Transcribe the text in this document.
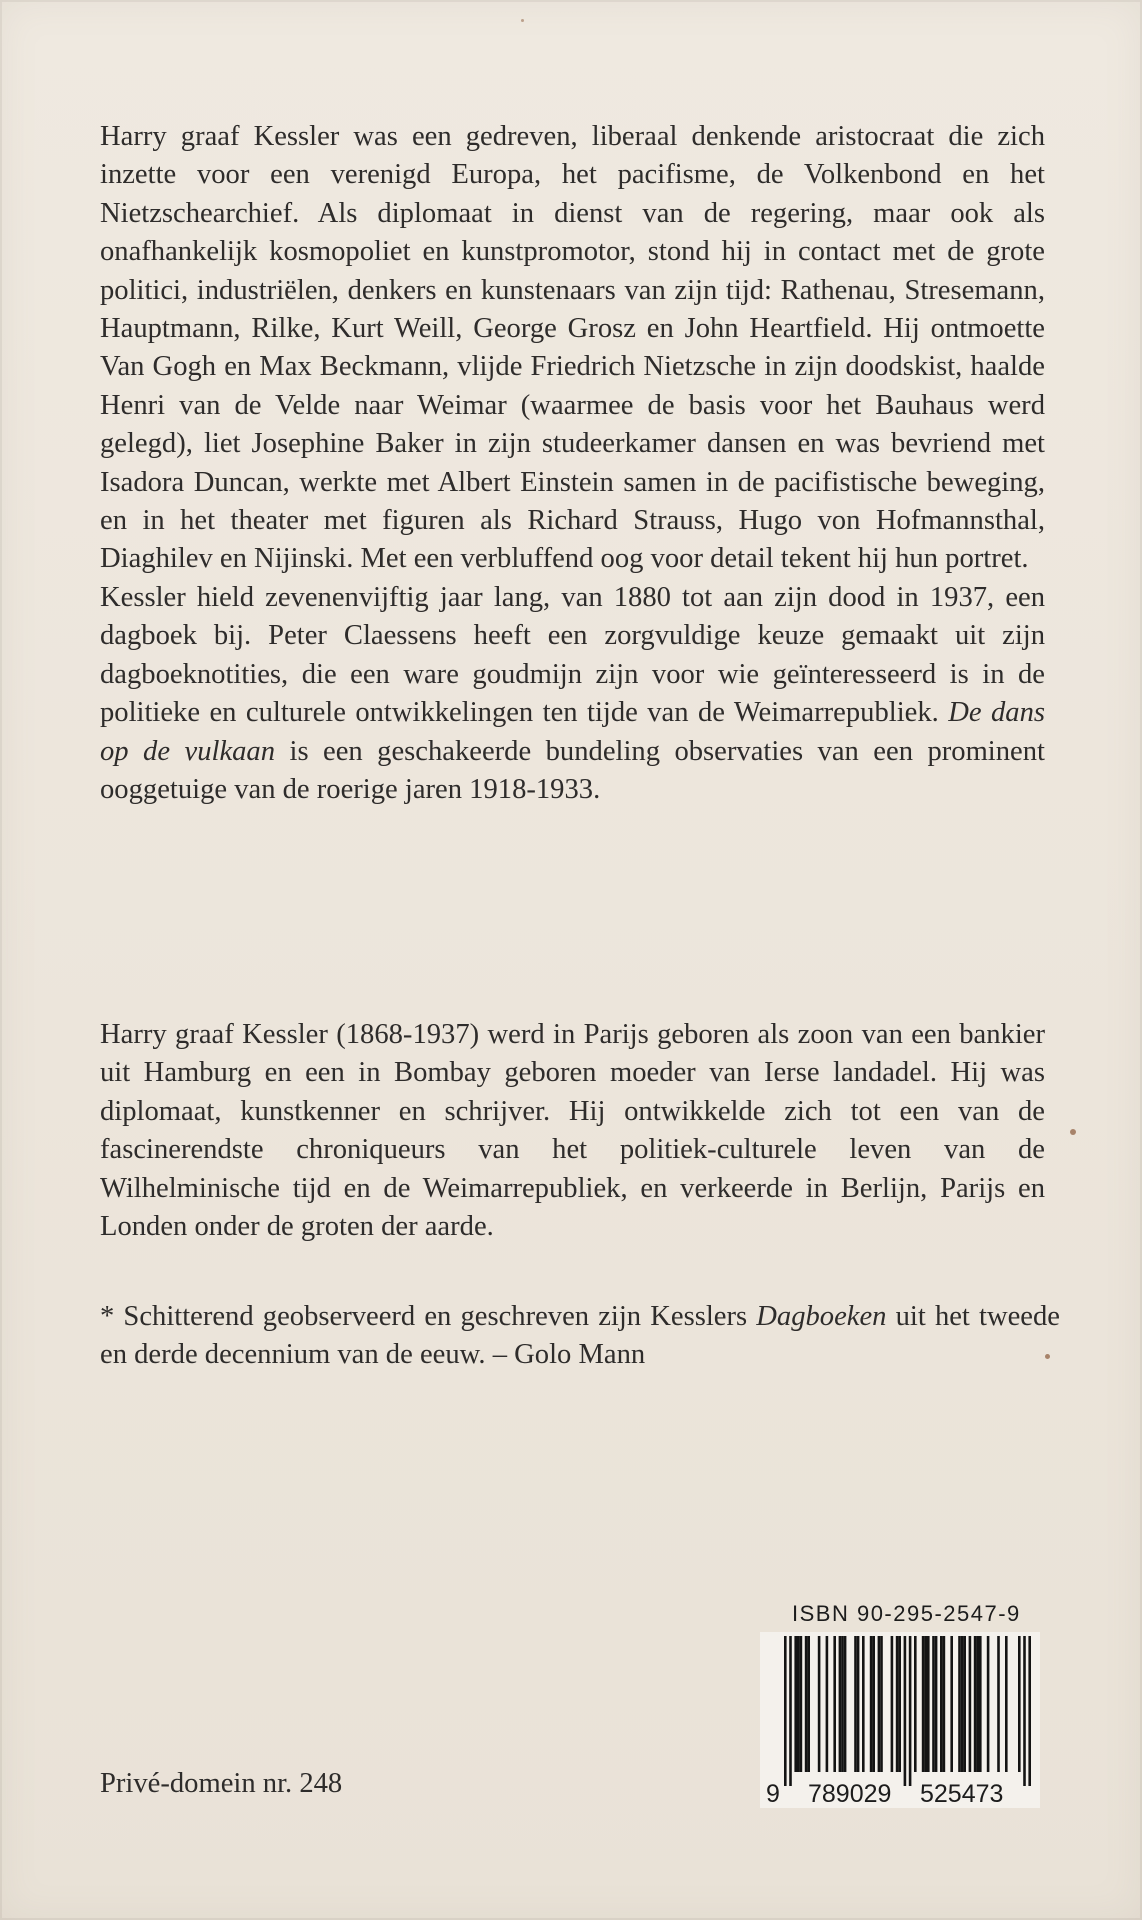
Harry graaf Kessler was een gedreven, liberaal denkende aristocraat die zich inzette voor een verenigd Europa, het pacifisme, de Volkenbond en het Nietzschearchief. Als diplomaat in dienst van de regering, maar ook als onafhankelijk kosmopoliet en kunstpromotor, stond hij in contact met de grote politici, industriëlen, denkers en kunstenaars van zijn tijd: Rathenau, Stresemann, Hauptmann, Rilke, Kurt Weill, George Grosz en John Heartfield. Hij ontmoette Van Gogh en Max Beckmann, vlijde Friedrich Nietzsche in zijn doodskist, haalde Henri van de Velde naar Weimar (waarmee de basis voor het Bauhaus werd gelegd), liet Josephine Baker in zijn studeerkamer dansen en was bevriend met Isadora Duncan, werkte met Albert Einstein samen in de pacifistische beweging, en in het theater met figuren als Richard Strauss, Hugo von Hofmannsthal, Diaghilev en Nijinski. Met een verbluffend oog voor detail tekent hij hun portret.

Kessler hield zevenenvijftig jaar lang, van 1880 tot aan zijn dood in 1937, een dagboek bij. Peter Claessens heeft een zorgvuldige keuze gemaakt uit zijn dagboeknotities, die een ware goudmijn zijn voor wie geïnteresseerd is in de politieke en culturele ontwikkelingen ten tijde van de Weimarrepubliek. De dans op de vulkaan is een geschakeerde bundeling observaties van een prominent ooggetuige van de roerige jaren 1918-1933.

Harry graaf Kessler (1868-1937) werd in Parijs geboren als zoon van een bankier uit Hamburg en een in Bombay geboren moeder van Ierse landadel. Hij was diplomaat, kunstkenner en schrijver. Hij ontwikkelde zich tot een van de fascinerendste chroniqueurs van het politiek-culturele leven van de Wilhelminische tijd en de Weimarrepubliek, en verkeerde in Berlijn, Parijs en Londen onder de groten der aarde.

* Schitterend geobserveerd en geschreven zijn Kesslers Dagboeken uit het tweede en derde decennium van de eeuw. – Golo Mann

Privé-domein nr. 248
ISBN 90-295-2547-9
9 789029 525473
